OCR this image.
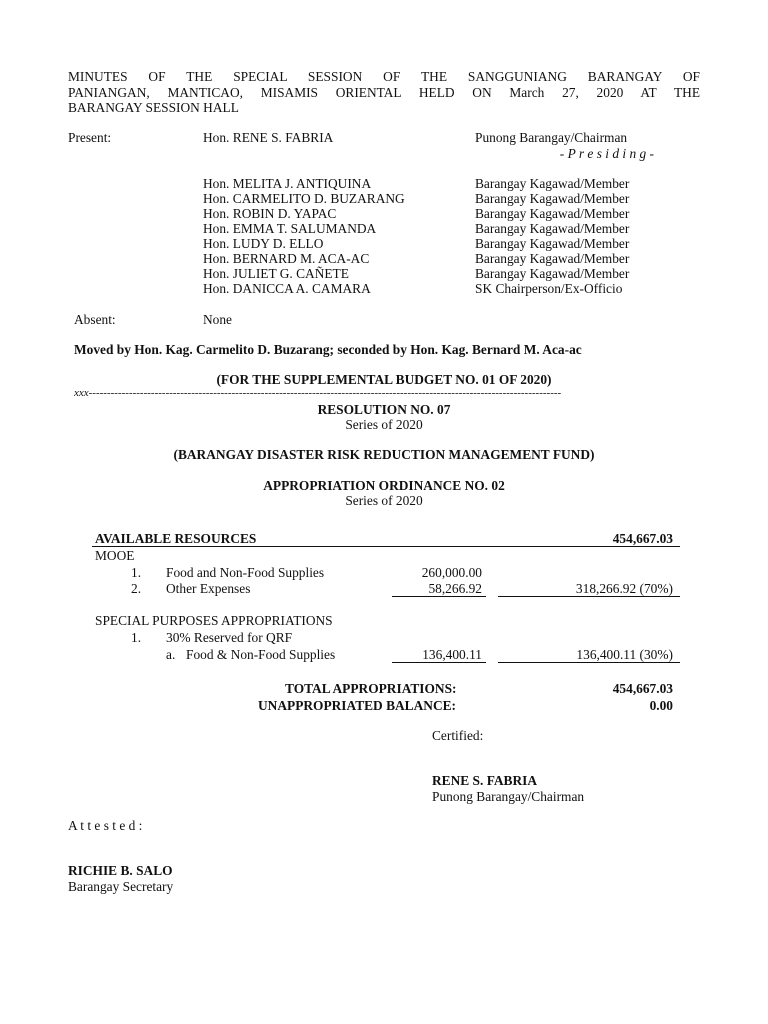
MINUTES OF THE SPECIAL SESSION OF THE SANGGUNIANG BARANGAY OF
PANIANGAN, MANTICAO, MISAMIS ORIENTAL HELD ON March 27, 2020 AT THE
BARANGAY SESSION HALL
Present:	Hon. RENE S. FABRIA	Punong Barangay/Chairman
- P r e s i d i n g -
Hon. MELITA J. ANTIQUINA	Barangay Kagawad/Member
Hon. CARMELITO D. BUZARANG	Barangay Kagawad/Member
Hon. ROBIN D. YAPAC	Barangay Kagawad/Member
Hon. EMMA T. SALUMANDA	Barangay Kagawad/Member
Hon. LUDY D. ELLO	Barangay Kagawad/Member
Hon. BERNARD M. ACA-AC	Barangay Kagawad/Member
Hon. JULIET G. CAÑETE	Barangay Kagawad/Member
Hon. DANICCA A. CAMARA	SK Chairperson/Ex-Officio
Absent:	None
Moved by Hon. Kag. Carmelito D. Buzarang; seconded by Hon. Kag. Bernard M. Aca-ac
(FOR THE SUPPLEMENTAL BUDGET NO. 01 OF 2020)
xxx---------------------------------------------------------------------------------------------------------------------------------
RESOLUTION NO. 07
Series of 2020
(BARANGAY DISASTER RISK REDUCTION MANAGEMENT FUND)
APPROPRIATION ORDINANCE NO. 02
Series of 2020
AVAILABLE RESOURCES	454,667.03
MOOE
1. Food and Non-Food Supplies	260,000.00
2. Other Expenses	58,266.92	318,266.92 (70%)
SPECIAL PURPOSES APPROPRIATIONS
1. 30% Reserved for QRF
a. Food & Non-Food Supplies	136,400.11	136,400.11 (30%)
TOTAL APPROPRIATIONS:	454,667.03
UNAPPROPRIATED BALANCE:	0.00
Certified:
RENE S. FABRIA
Punong Barangay/Chairman
A t t e s t e d :
RICHIE B. SALO
Barangay Secretary
